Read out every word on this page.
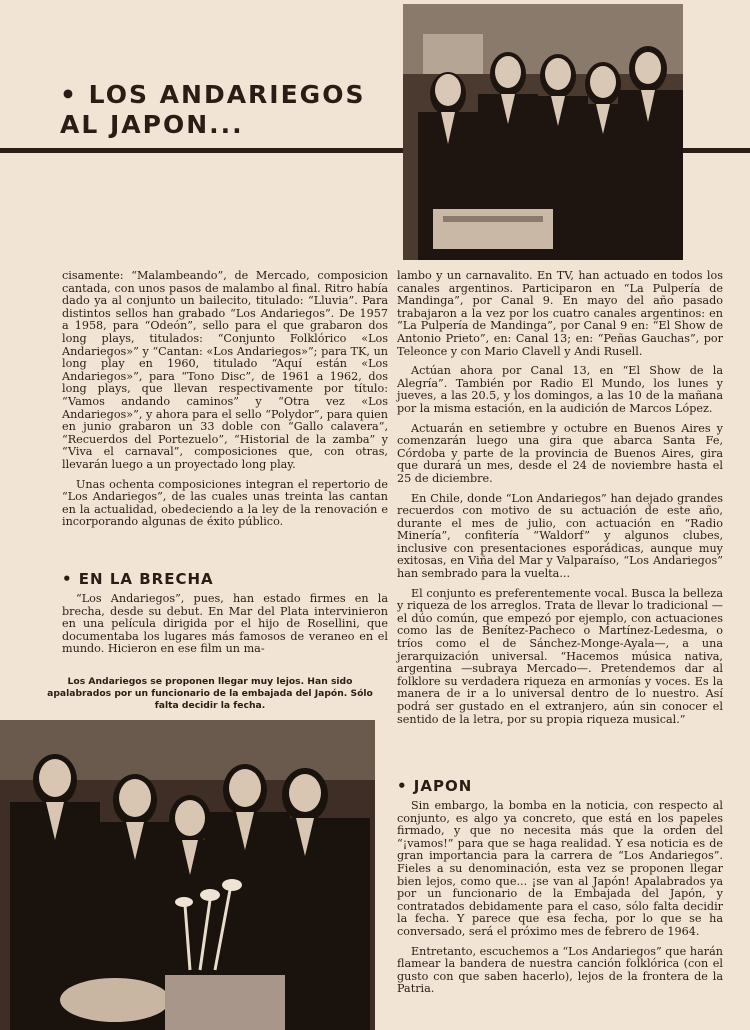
• LOS ANDARIEGOS
AL JAPON...

cisamente: “Malambeando”, de Mercado, composicion cantada, con unos pasos de malambo al final. Ritro había dado ya al conjunto un bailecito, titulado: “Lluvia”. Para distintos sellos han grabado “Los Andariegos”. De 1957 a 1958, para “Odeón”, sello para el que grabaron dos long plays, titulados: “Conjunto Folklórico «Los Andariegos»” y “Cantan: «Los Andariegos»”; para TK, un long play en 1960, titulado “Aquí están «Los Andariegos»”, para “Tono Disc”, de 1961 a 1962, dos long plays, que llevan respectivamente por título: “Vamos andando caminos” y “Otra vez «Los Andariegos»”, y ahora para el sello “Polydor”, para quien en junio grabaron un 33 doble con “Gallo calavera”, “Recuerdos del Portezuelo”, “Historial de la zamba” y “Viva el carnaval”, composiciones que, con otras, llevarán luego a un proyectado long play.

Unas ochenta composiciones integran el repertorio de “Los Andariegos”, de las cuales unas treinta las cantan en la actualidad, obedeciendo a la ley de la renovación e incorporando algunas de éxito público.

• EN LA BRECHA

“Los Andariegos”, pues, han estado firmes en la brecha, desde su debut. En Mar del Plata intervinieron en una película dirigida por el hijo de Rosellini, que documentaba los lugares más famosos de veraneo en el mundo. Hicieron en ese film un ma-

Los Andariegos se proponen llegar muy lejos. Han sido apalabrados por un funcionario de la embajada del Japón. Sólo falta decidir la fecha.

lambo y un carnavalito. En TV, han actuado en todos los canales argentinos. Participaron en “La Pulpería de Mandinga”, por Canal 9. En mayo del año pasado trabajaron a la vez por los cuatro canales argentinos: en “La Pulpería de Mandinga”, por Canal 9 en: “El Show de Antonio Prieto”, en: Canal 13; en: “Peñas Gauchas”, por Teleonce y con Mario Clavell y Andi Rusell.

Actúan ahora por Canal 13, en “El Show de la Alegría”. También por Radio El Mundo, los lunes y jueves, a las 20.5, y los domingos, a las 10 de la mañana por la misma estación, en la audición de Marcos López.

Actuarán en setiembre y octubre en Buenos Aires y comenzarán luego una gira que abarca Santa Fe, Córdoba y parte de la provincia de Buenos Aires, gira que durará un mes, desde el 24 de noviembre hasta el 25 de diciembre.

En Chile, donde “Lon Andariegos” han dejado grandes recuerdos con motivo de su actuación de este año, durante el mes de julio, con actuación en “Radio Minería”, confitería “Waldorf” y algunos clubes, inclusive con presentaciones esporádicas, aunque muy exitosas, en Viña del Mar y Valparaíso, “Los Andariegos” han sembrado para la vuelta...

El conjunto es preferentemente vocal. Busca la belleza y riqueza de los arreglos. Trata de llevar lo tradicional —el dúo común, que empezó por ejemplo, con actuaciones como las de Benítez-Pacheco o Martínez-Ledesma, o tríos como el de Sánchez-Monge-Ayala—, a una jerarquización universal. “Hacemos música nativa, argentina —subraya Mercado—. Pretendemos dar al folklore su verdadera riqueza en armonías y voces. Es la manera de ir a lo universal dentro de lo nuestro. Así podrá ser gustado en el extranjero, aún sin conocer el sentido de la letra, por su propia riqueza musical.”

• JAPON

Sin embargo, la bomba en la noticia, con respecto al conjunto, es algo ya concreto, que está en los papeles firmado, y que no necesita más que la orden del “¡vamos!” para que se haga realidad. Y esa noticia es de gran importancia para la carrera de “Los Andariegos”. Fieles a su denominación, esta vez se proponen llegar bien lejos, como que... ¡se van al Japón! Apalabrados ya por un funcionario de la Embajada del Japón, y contratados debidamente para el caso, sólo falta decidir la fecha. Y parece que esa fecha, por lo que se ha conversado, será el próximo mes de febrero de 1964.

Entretanto, escuchemos a “Los Andariegos” que harán flamear la bandera de nuestra canción folklórica (con el gusto con que saben hacerlo), lejos de la frontera de la Patria.
